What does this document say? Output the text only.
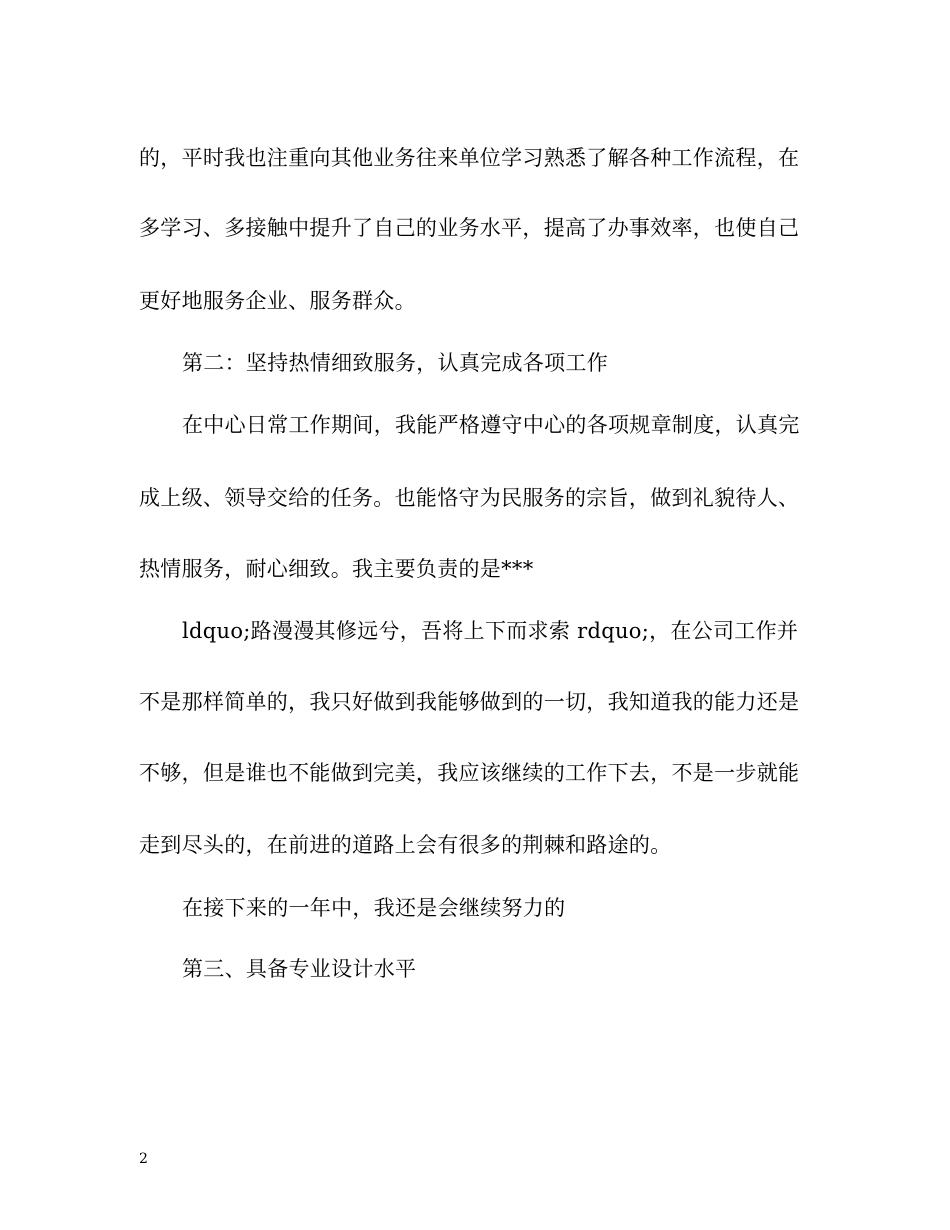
的，平时我也注重向其他业务往来单位学习熟悉了解各种工作流程，在
多学习、多接触中提升了自己的业务水平，提高了办事效率，也使自己
更好地服务企业、服务群众。
第二：坚持热情细致服务，认真完成各项工作
在中心日常工作期间，我能严格遵守中心的各项规章制度，认真完
成上级、领导交给的任务。也能恪守为民服务的宗旨，做到礼貌待人、
热情服务，耐心细致。我主要负责的是***
ldquo;路漫漫其修远兮，吾将上下而求索 rdquo;，在公司工作并
不是那样简单的，我只好做到我能够做到的一切，我知道我的能力还是
不够，但是谁也不能做到完美，我应该继续的工作下去，不是一步就能
走到尽头的，在前进的道路上会有很多的荆棘和路途的。
在接下来的一年中，我还是会继续努力的
第三、具备专业设计水平
2
